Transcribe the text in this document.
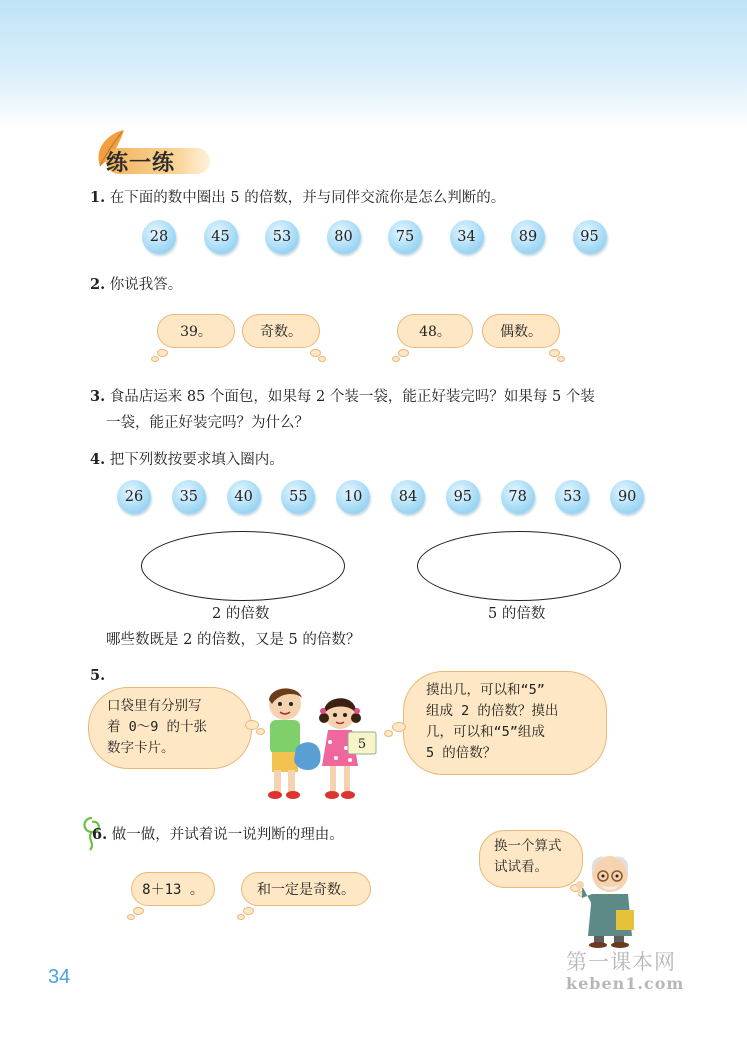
练一练
1. 在下面的数中圈出 5 的倍数，并与同伴交流你是怎么判断的。
28	45	53	80	75	34	89	95
2. 你说我答。
39。	奇数。	48。	偶数。
3. 食品店运来 85 个面包，如果每 2 个装一袋，能正好装完吗？如果每 5 个装
一袋，能正好装完吗？为什么？
4. 把下列数按要求填入圈内。
26	35	40	55	10	84	95	78	53	90
2 的倍数	5 的倍数
哪些数既是 2 的倍数，又是 5 的倍数？
5.
口袋里有分别写
着 0～9 的十张
数字卡片。	5
摸出几，可以和“5”
组成 2 的倍数？摸出
几，可以和“5”组成
5 的倍数？
6. 做一做，并试着说一说判断的理由。
8＋13 。	和一定是奇数。
换一个算式
试试看。
第一课本网
keben1.com
34
